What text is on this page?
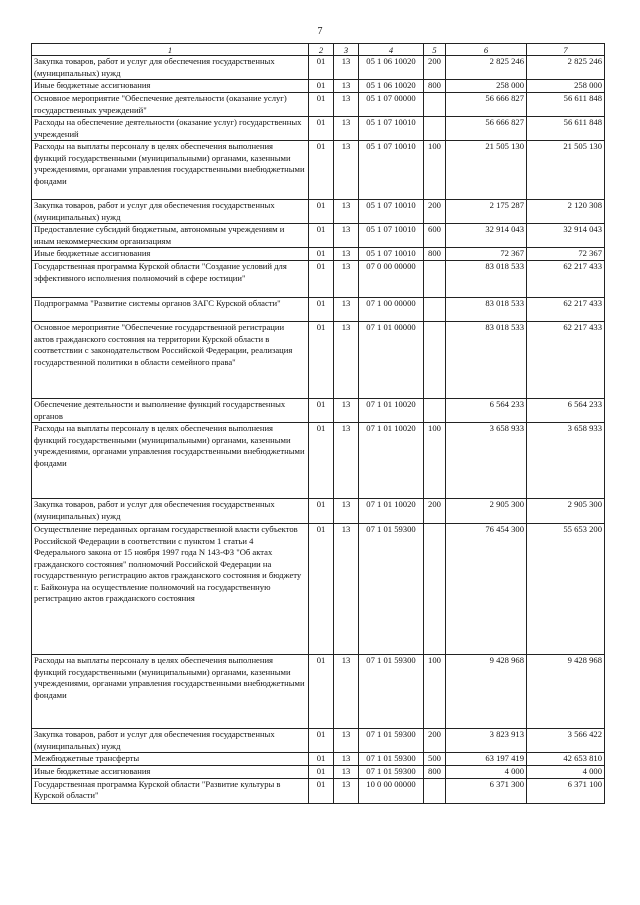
7
1	2	3	4	5	6	7
Закупка товаров, работ и услуг для обеспечения государственных (муниципальных) нужд	01	13	05 1 06 10020	200	2 825 246	2 825 246
Иные бюджетные ассигнования	01	13	05 1 06 10020	800	258 000	258 000
Основное мероприятие "Обеспечение деятельности (оказание услуг) государственных учреждений"	01	13	05 1 07 00000		56 666 827	56 611 848
Расходы на обеспечение деятельности (оказание услуг) государственных учреждений	01	13	05 1 07 10010		56 666 827	56 611 848
Расходы на выплаты персоналу в целях обеспечения выполнения функций государственными (муниципальными) органами, казенными учреждениями, органами управления государственными внебюджетными фондами	01	13	05 1 07 10010	100	21 505 130	21 505 130
Закупка товаров, работ и услуг для обеспечения государственных (муниципальных) нужд	01	13	05 1 07 10010	200	2 175 287	2 120 308
Предоставление субсидий бюджетным, автономным учреждениям и иным некоммерческим организациям	01	13	05 1 07 10010	600	32 914 043	32 914 043
Иные бюджетные ассигнования	01	13	05 1 07 10010	800	72 367	72 367
Государственная программа Курской области "Создание условий для эффективного исполнения полномочий в сфере юстиции"	01	13	07 0 00 00000		83 018 533	62 217 433
Подпрограмма "Развитие системы органов ЗАГС Курской области"	01	13	07 1 00 00000		83 018 533	62 217 433
Основное мероприятие "Обеспечение государственной регистрации актов гражданского состояния на территории Курской области в соответствии с законодательством Российской Федерации, реализация государственной политики в области семейного права"	01	13	07 1 01 00000		83 018 533	62 217 433
Обеспечение деятельности и выполнение функций государственных органов	01	13	07 1 01 10020		6 564 233	6 564 233
Расходы на выплаты персоналу в целях обеспечения выполнения функций государственными (муниципальными) органами, казенными учреждениями, органами управления государственными внебюджетными фондами	01	13	07 1 01 10020	100	3 658 933	3 658 933
Закупка товаров, работ и услуг для обеспечения государственных (муниципальных) нужд	01	13	07 1 01 10020	200	2 905 300	2 905 300
Осуществление переданных органам государственной власти субъектов Российской Федерации в соответствии с пунктом 1 статьи 4 Федерального закона от 15 ноября 1997 года N 143-ФЗ "Об актах гражданского состояния" полномочий Российской Федерации на государственную регистрацию актов гражданского состояния и бюджету г. Байконура на осуществление полномочий на государственную регистрацию актов гражданского состояния	01	13	07 1 01 59300		76 454 300	55 653 200
Расходы на выплаты персоналу в целях обеспечения выполнения функций государственными (муниципальными) органами, казенными учреждениями, органами управления государственными внебюджетными фондами	01	13	07 1 01 59300	100	9 428 968	9 428 968
Закупка товаров, работ и услуг для обеспечения государственных (муниципальных) нужд	01	13	07 1 01 59300	200	3 823 913	3 566 422
Межбюджетные трансферты	01	13	07 1 01 59300	500	63 197 419	42 653 810
Иные бюджетные ассигнования	01	13	07 1 01 59300	800	4 000	4 000
Государственная программа Курской области "Развитие культуры в Курской области"	01	13	10 0 00 00000		6 371 300	6 371 100
